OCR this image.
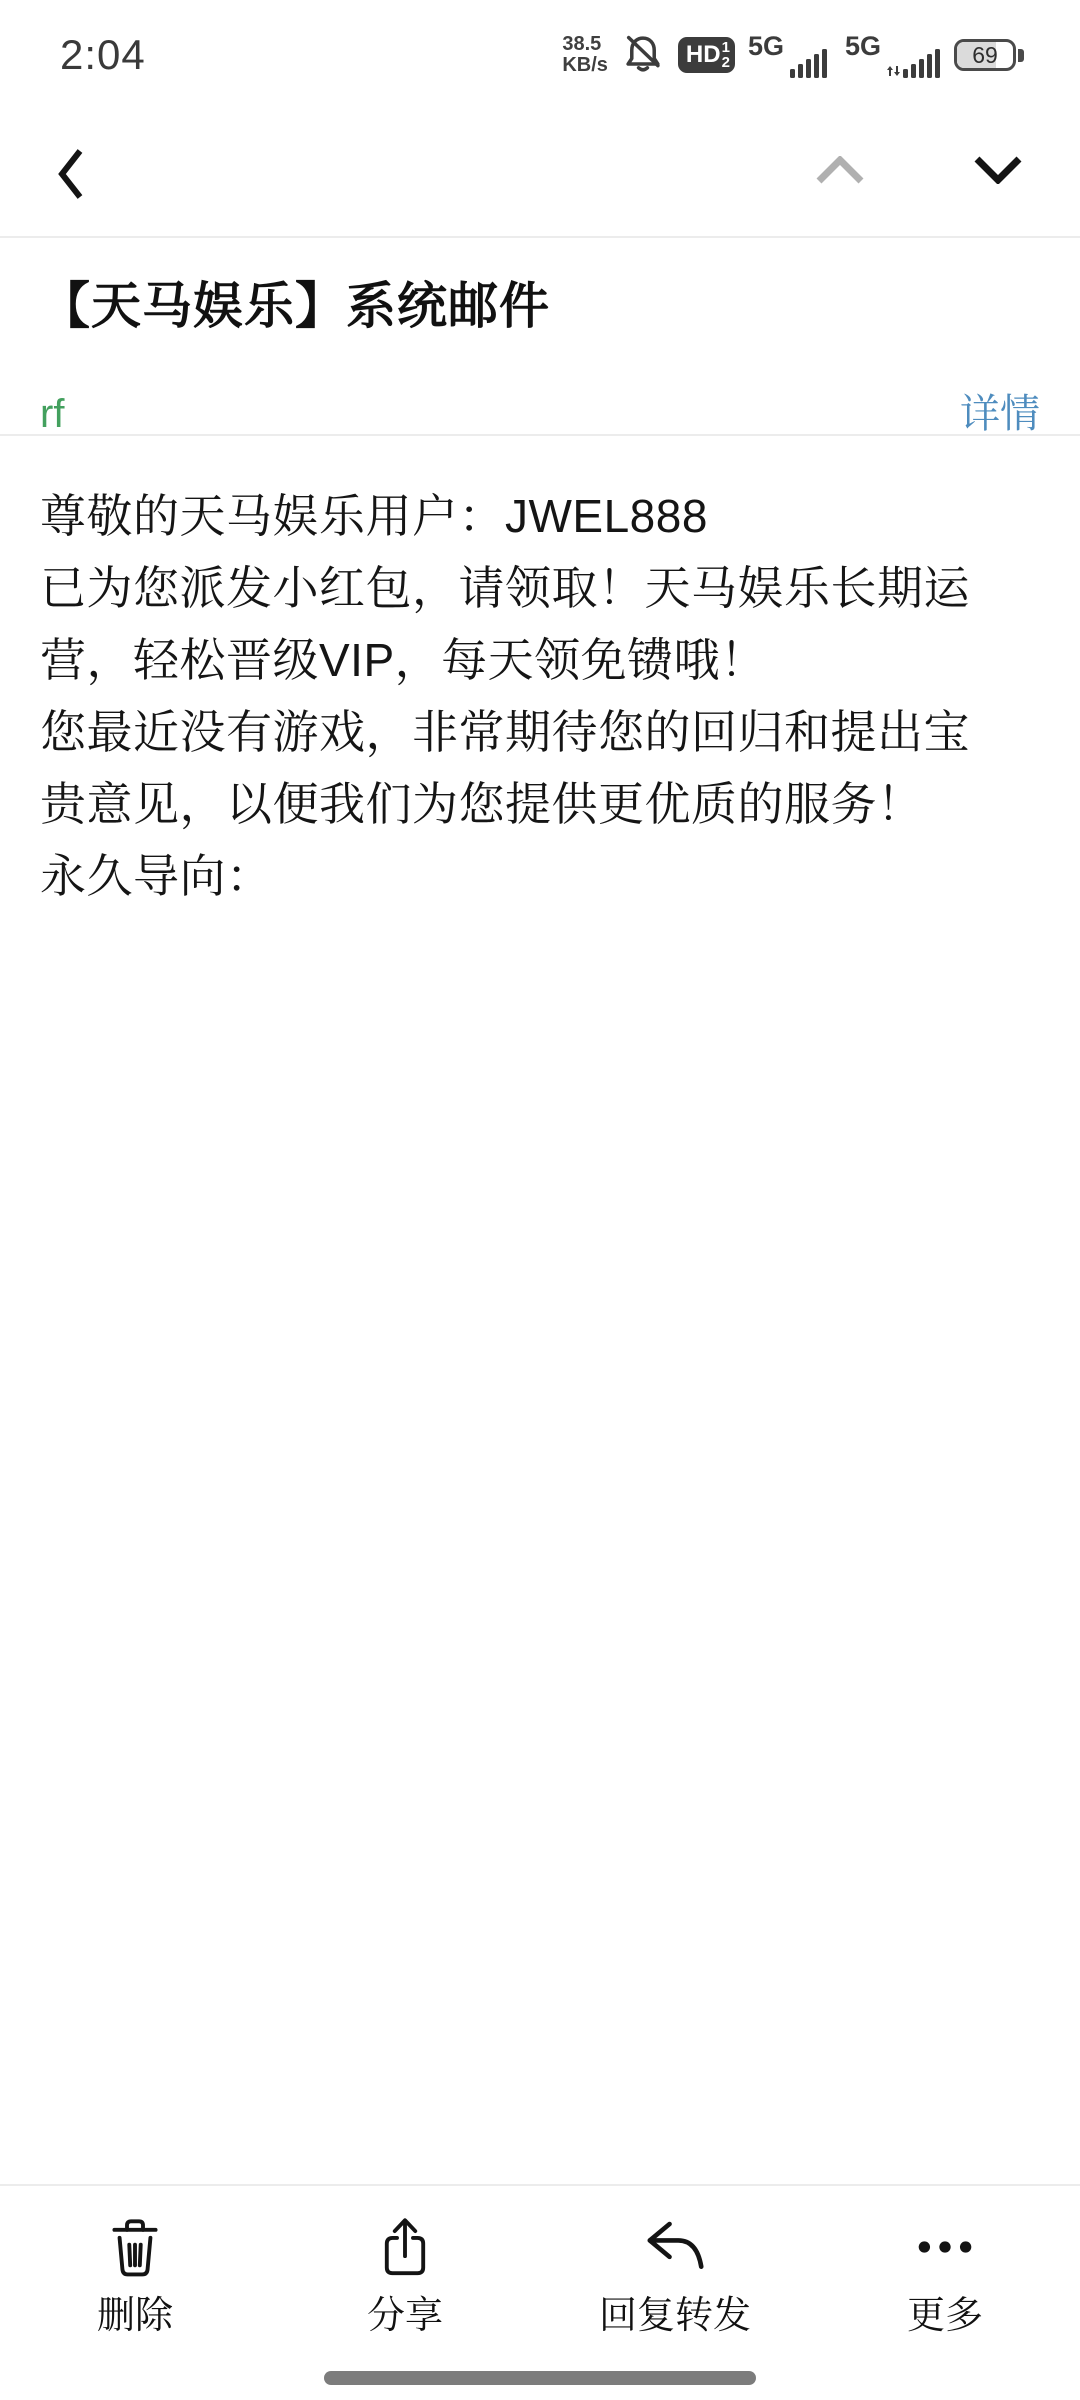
2:04	38.5
KB/s	HD 1
2
5G 5G	69
【天马娱乐】系统邮件
rf	详情
尊敬的天马娱乐用户：JWEL888
已为您派发小红包，请领取！天马娱乐长期运
营，轻松晋级VIP，每天领免镄哦！
您最近没有游戏，非常期待您的回归和提出宝
贵意见，以便我们为您提供更优质的服务！
永久导向：
删除	分享	回复转发	更多
